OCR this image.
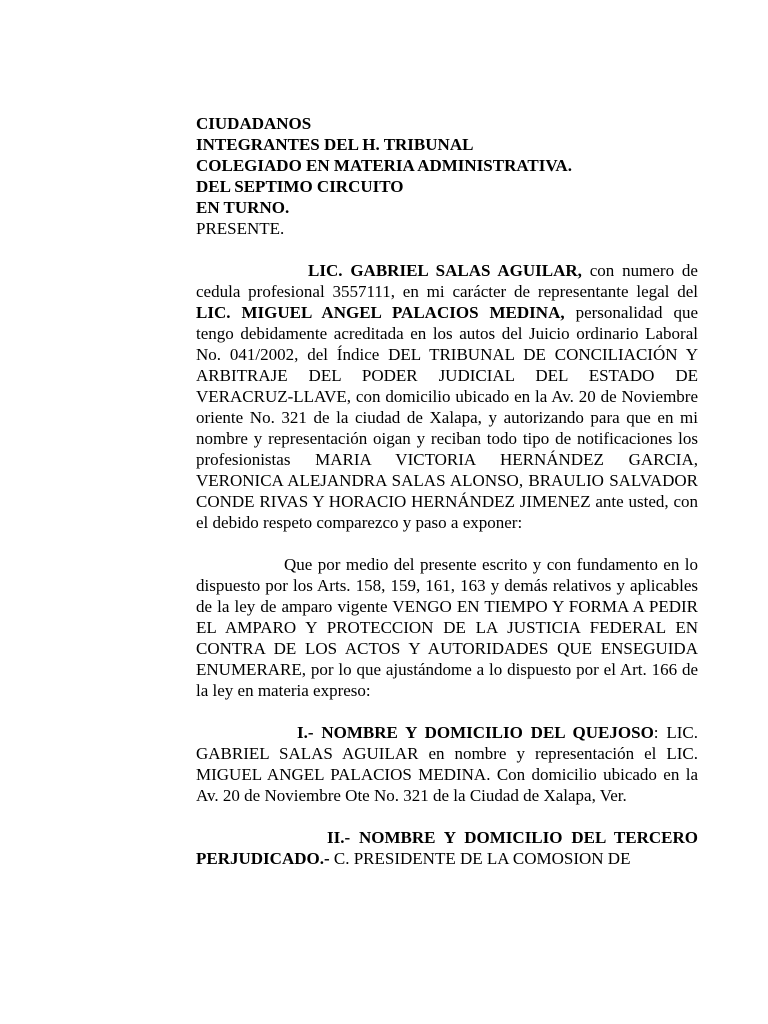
CIUDADANOS
INTEGRANTES DEL H. TRIBUNAL
COLEGIADO EN MATERIA ADMINISTRATIVA.
DEL SEPTIMO CIRCUITO
EN TURNO.
PRESENTE.

LIC. GABRIEL SALAS AGUILAR, con numero de cedula profesional 3557111, en mi carácter de representante legal del LIC. MIGUEL ANGEL PALACIOS MEDINA, personalidad que tengo debidamente acreditada en los autos del Juicio ordinario Laboral No. 041/2002, del Índice DEL TRIBUNAL DE CONCILIACIÓN Y ARBITRAJE DEL PODER JUDICIAL DEL ESTADO DE VERACRUZ-LLAVE, con domicilio ubicado en la Av. 20 de Noviembre oriente No. 321 de la ciudad de Xalapa, y autorizando para que en mi nombre y representación oigan y reciban todo tipo de notificaciones los profesionistas MARIA VICTORIA HERNÁNDEZ GARCIA, VERONICA ALEJANDRA SALAS ALONSO, BRAULIO SALVADOR CONDE RIVAS Y HORACIO HERNÁNDEZ JIMENEZ ante usted, con el debido respeto comparezco y paso a exponer:

Que por medio del presente escrito y con fundamento en lo dispuesto por los Arts. 158, 159, 161, 163 y demás relativos y aplicables de la ley de amparo vigente VENGO EN TIEMPO Y FORMA A PEDIR EL AMPARO Y PROTECCION DE LA JUSTICIA FEDERAL EN CONTRA DE LOS ACTOS Y AUTORIDADES QUE ENSEGUIDA ENUMERARE, por lo que ajustándome a lo dispuesto por el Art. 166 de la ley en materia expreso:

I.- NOMBRE Y DOMICILIO DEL QUEJOSO: LIC. GABRIEL SALAS AGUILAR en nombre y representación el LIC. MIGUEL ANGEL PALACIOS MEDINA. Con domicilio ubicado en la Av. 20 de Noviembre Ote No. 321 de la Ciudad de Xalapa, Ver.

II.- NOMBRE Y DOMICILIO DEL TERCERO PERJUDICADO.- C. PRESIDENTE DE LA COMOSION DE
